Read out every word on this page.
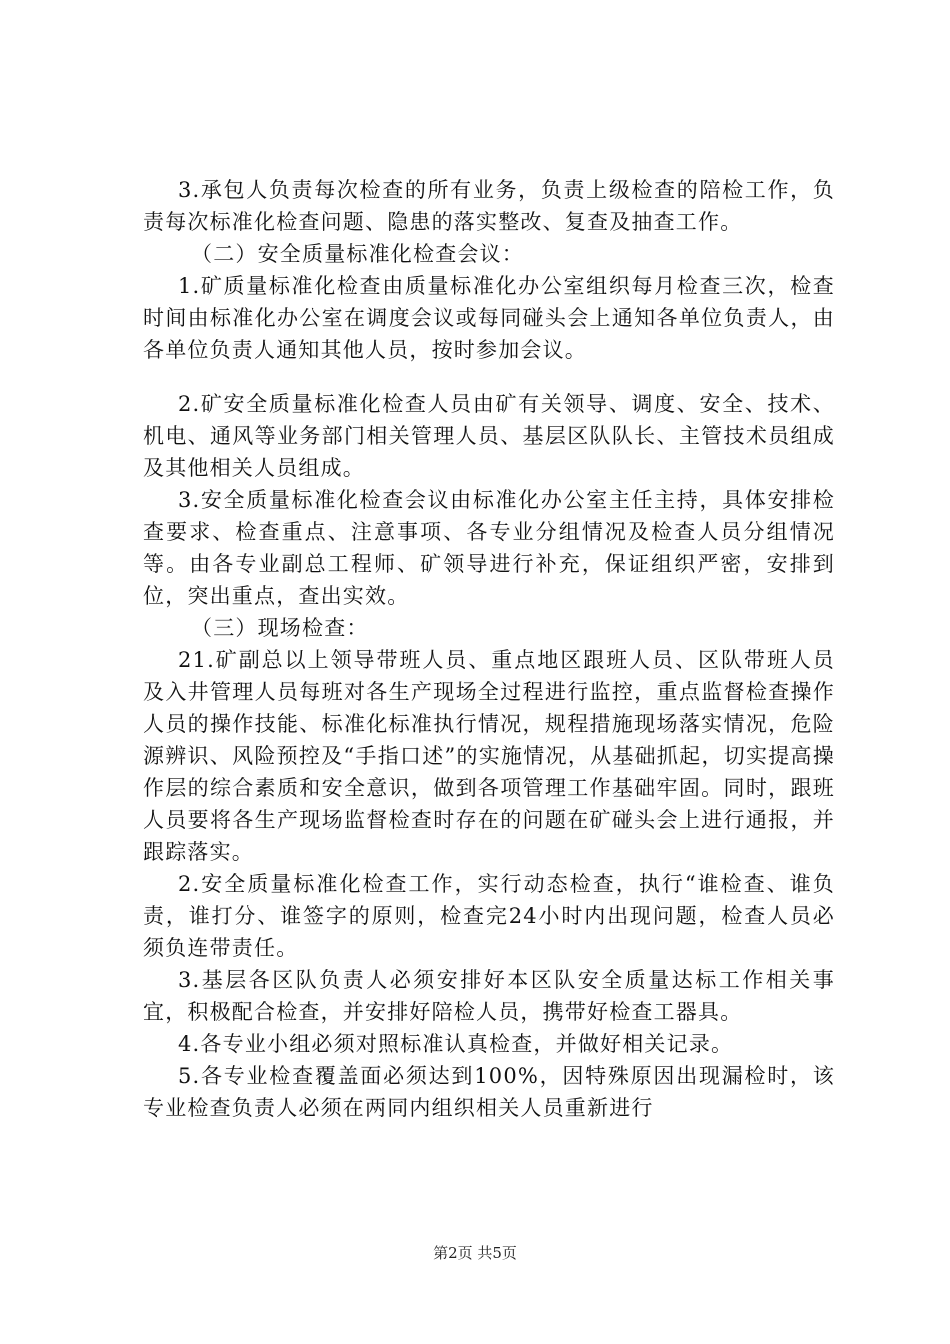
3.承包人负责每次检查的所有业务，负责上级检查的陪检工作，负责每次标准化检查问题、隐患的落实整改、复查及抽查工作。

（二）安全质量标准化检查会议：

1.矿质量标准化检查由质量标准化办公室组织每月检查三次，检查时间由标准化办公室在调度会议或每同碰头会上通知各单位负责人，由各单位负责人通知其他人员，按时参加会议。

2.矿安全质量标准化检查人员由矿有关领导、调度、安全、技术、机电、通风等业务部门相关管理人员、基层区队队长、主管技术员组成及其他相关人员组成。

3.安全质量标准化检查会议由标准化办公室主任主持，具体安排检查要求、检查重点、注意事项、各专业分组情况及检查人员分组情况等。由各专业副总工程师、矿领导进行补充，保证组织严密，安排到位，突出重点，查出实效。

（三）现场检查：

21.矿副总以上领导带班人员、重点地区跟班人员、区队带班人员及入井管理人员每班对各生产现场全过程进行监控，重点监督检查操作人员的操作技能、标准化标准执行情况，规程措施现场落实情况，危险源辨识、风险预控及“手指口述”的实施情况，从基础抓起，切实提高操作层的综合素质和安全意识，做到各项管理工作基础牢固。同时，跟班人员要将各生产现场监督检查时存在的问题在矿碰头会上进行通报，并跟踪落实。

2.安全质量标准化检查工作，实行动态检查，执行“谁检查、谁负责，谁打分、谁签字的原则，检查完24小时内出现问题，检查人员必须负连带责任。

3.基层各区队负责人必须安排好本区队安全质量达标工作相关事宜，积极配合检查，并安排好陪检人员，携带好检查工器具。

4.各专业小组必须对照标准认真检查，并做好相关记录。

5.各专业检查覆盖面必须达到100%，因特殊原因出现漏检时，该专业检查负责人必须在两同内组织相关人员重新进行

第2页 共5页
